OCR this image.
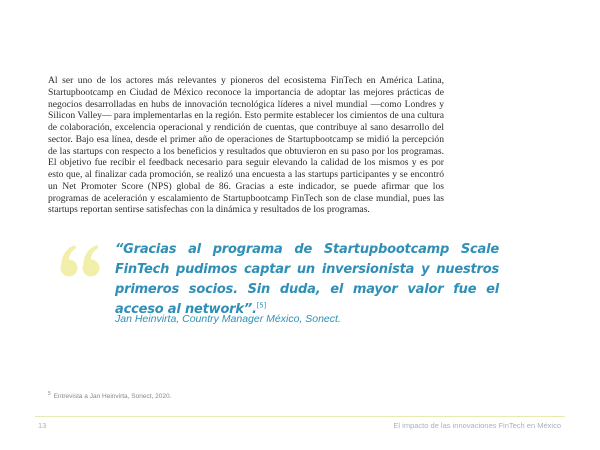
Al ser uno de los actores más relevantes y pioneros del ecosistema FinTech en América Latina, Startupbootcamp en Ciudad de México reconoce la importancia de adoptar las mejores prácticas de negocios desarrolladas en hubs de innovación tecnológica líderes a nivel mundial —como Londres y Silicon Valley— para implementarlas en la región. Esto permite establecer los cimientos de una cultura de colaboración, excelencia operacional y rendición de cuentas, que contribuye al sano desarrollo del sector. Bajo esa línea, desde el primer año de operaciones de Startupbootcamp se midió la percepción de las startups con respecto a los beneficios y resultados que obtuvieron en su paso por los programas. El objetivo fue recibir el feedback necesario para seguir elevando la calidad de los mismos y es por esto que, al finalizar cada promoción, se realizó una encuesta a las startups participantes y se encontró un Net Promoter Score (NPS) global de 86. Gracias a este indicador, se puede afirmar que los programas de aceleración y escalamiento de Startupbootcamp FinTech son de clase mundial, pues las startups reportan sentirse satisfechas con la dinámica y resultados de los programas.

“Gracias al programa de Startupbootcamp Scale FinTech pudimos captar un inversionista y nuestros primeros socios. Sin duda, el mayor valor fue el acceso al network”.[5]

Jan Heinvirta, Country Manager México, Sonect.

$^5$ Entrevista a Jan Heinvirta, Sonect, 2020.

13	El impacto de las innovaciones FinTech en México
